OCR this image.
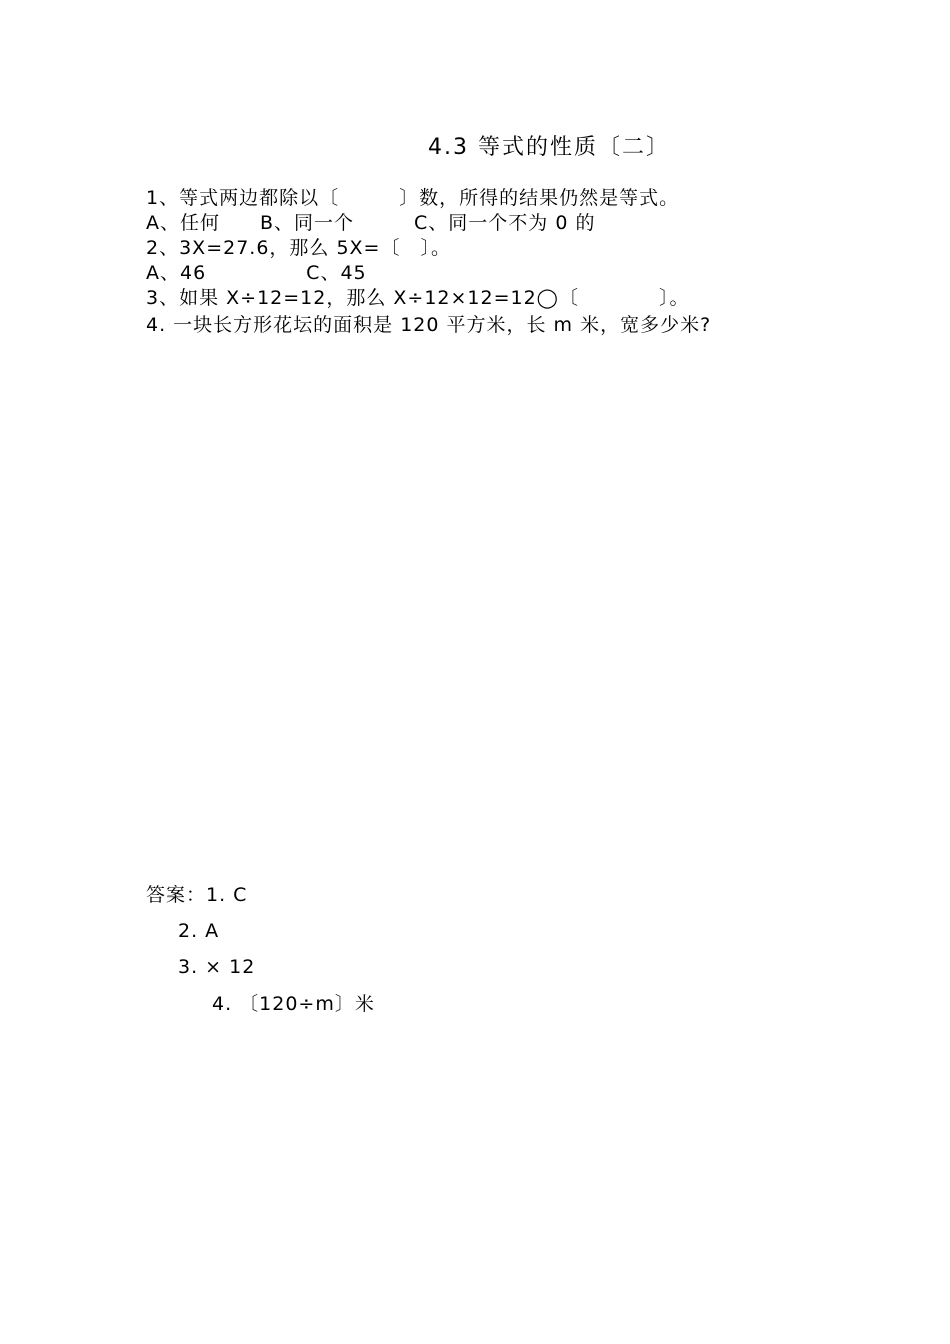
4.3 等式的性质〔二〕
1、等式两边都除以〔　　　〕数，所得的结果仍然是等式。
A、任何　　B、同一个　　　C、同一个不为 0 的
2、3X=27.6，那么 5X=〔　〕。
A、46　　　　　C、45
3、如果 X÷12=12，那么 X÷12×12=12◯〔　　　　〕。
4. 一块长方形花坛的面积是 120 平方米，长 m 米，宽多少米?
答案：1. C
2. A
3. × 12
4. 〔120÷m〕米
